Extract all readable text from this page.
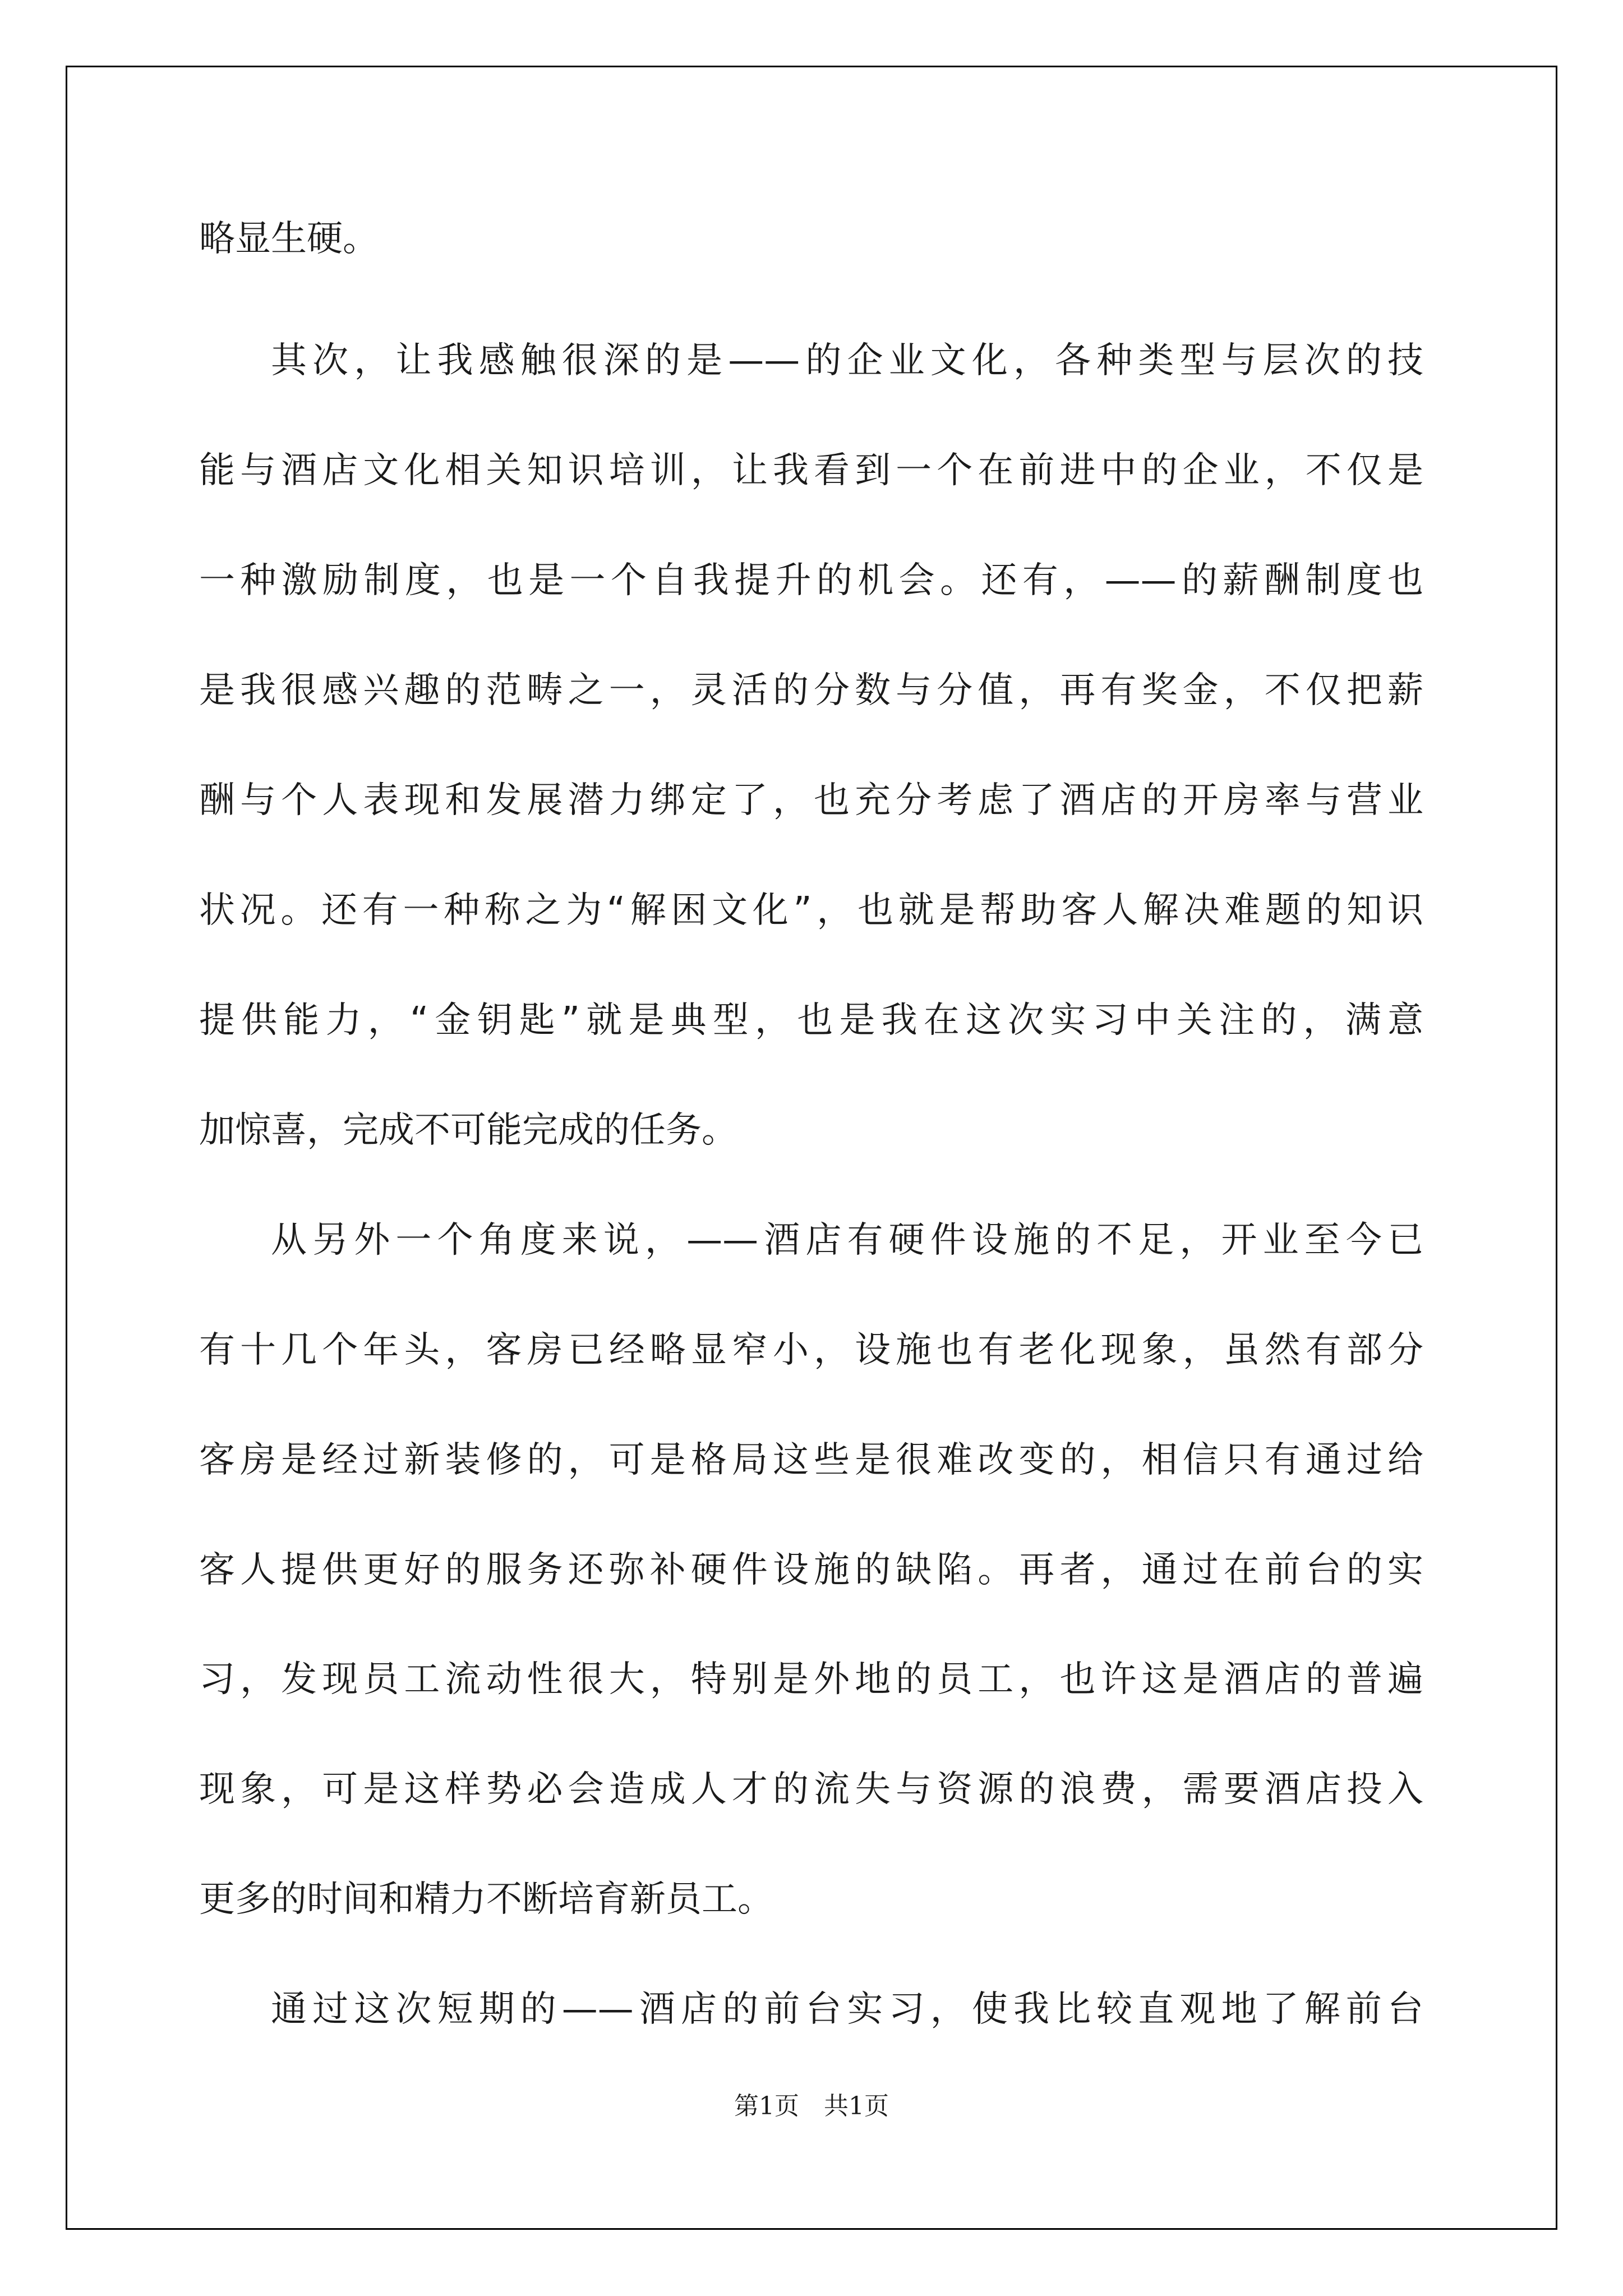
略显生硬。
其次，让我感触很深的是——的企业文化，各种类型与层次的技
能与酒店文化相关知识培训，让我看到一个在前进中的企业，不仅是
一种激励制度，也是一个自我提升的机会。还有，——的薪酬制度也
是我很感兴趣的范畴之一，灵活的分数与分值，再有奖金，不仅把薪
酬与个人表现和发展潜力绑定了，也充分考虑了酒店的开房率与营业
状况。还有一种称之为“解困文化”，也就是帮助客人解决难题的知识
提供能力，“金钥匙”就是典型，也是我在这次实习中关注的，满意
加惊喜，完成不可能完成的任务。
从另外一个角度来说，——酒店有硬件设施的不足，开业至今已
有十几个年头，客房已经略显窄小，设施也有老化现象，虽然有部分
客房是经过新装修的，可是格局这些是很难改变的，相信只有通过给
客人提供更好的服务还弥补硬件设施的缺陷。再者，通过在前台的实
习，发现员工流动性很大，特别是外地的员工，也许这是酒店的普遍
现象，可是这样势必会造成人才的流失与资源的浪费，需要酒店投入
更多的时间和精力不断培育新员工。
通过这次短期的——酒店的前台实习，使我比较直观地了解前台
第1页 共1页
